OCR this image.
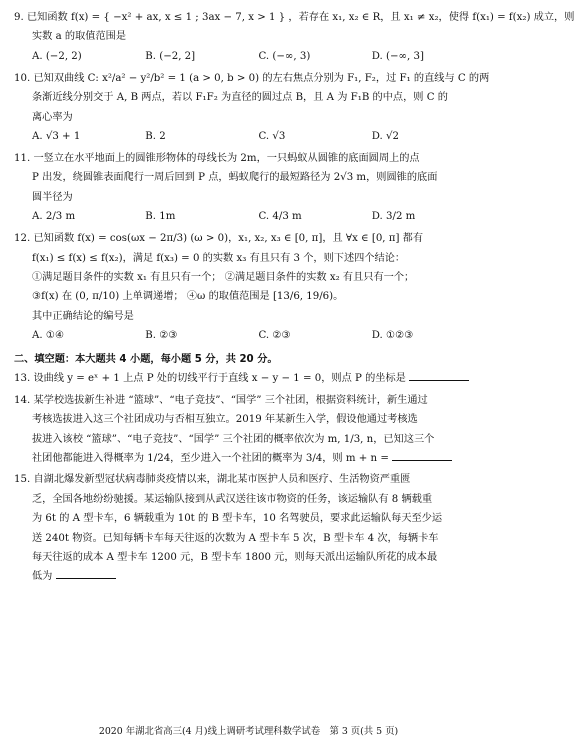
9. 已知函数 f(x) = { −x² + ax, x ≤ 1 ; 3ax − 7, x > 1 } ，若存在 x₁, x₂ ∈ R，且 x₁ ≠ x₂，使得 f(x₁) = f(x₂) 成立，则
实数 a 的取值范围是
A. (−2, 2)	B. (−2, 2]	C. (−∞, 3)	D. (−∞, 3]
10. 已知双曲线 C: x²/a² − y²/b² = 1 (a > 0, b > 0) 的左右焦点分别为 F₁, F₂，过 F₁ 的直线与 C 的两
条渐近线分别交于 A, B 两点，若以 F₁F₂ 为直径的圆过点 B，且 A 为 F₁B 的中点，则 C 的
离心率为
A. √3 + 1	B. 2	C. √3	D. √2
11. 一竖立在水平地面上的圆锥形物体的母线长为 2m，一只蚂蚁从圆锥的底面圆周上的点
P 出发，绕圆锥表面爬行一周后回到 P 点，蚂蚁爬行的最短路径为 2√3 m，则圆锥的底面
圆半径为
A. 2/3 m	B. 1m	C. 4/3 m	D. 3/2 m
12. 已知函数 f(x) = cos(ωx − 2π/3) (ω > 0)，x₁, x₂, x₃ ∈ [0, π]，且 ∀x ∈ [0, π] 都有
f(x₁) ≤ f(x) ≤ f(x₂)，满足 f(x₃) = 0 的实数 x₃ 有且只有 3 个，则下述四个结论：
①满足题目条件的实数 x₁ 有且只有一个； ②满足题目条件的实数 x₂ 有且只有一个；
③f(x) 在 (0, π/10) 上单调递增； ④ω 的取值范围是 [13/6, 19/6)。
其中正确结论的编号是
A. ①④	B. ②③	C. ②③	D. ①②③
二、填空题：本大题共 4 小题，每小题 5 分，共 20 分。
13. 设曲线 y = eˣ + 1 上点 P 处的切线平行于直线 x − y − 1 = 0，则点 P 的坐标是
14. 某学校选拔新生补进 “篮球”、“电子竞技”、“国学” 三个社团，根据资料统计，新生通过
考核选拔进入这三个社团成功与否相互独立。2019 年某新生入学，假设他通过考核选
拔进入该校 “篮球”、“电子竞技”、“国学” 三个社团的概率依次为 m, 1/3, n，已知这三个
社团他都能进入得概率为 1/24，至少进入一个社团的概率为 3/4，则 m + n =
15. 自湖北爆发新型冠状病毒肺炎疫情以来，湖北某市医护人员和医疗、生活物资严重匮
乏，全国各地纷纷驰援。某运输队接到从武汉送往该市物资的任务，该运输队有 8 辆载重
为 6t 的 A 型卡车，6 辆载重为 10t 的 B 型卡车，10 名驾驶员，要求此运输队每天至少运
送 240t 物资。已知每辆卡车每天往返的次数为 A 型卡车 5 次，B 型卡车 4 次，每辆卡车
每天往返的成本 A 型卡车 1200 元，B 型卡车 1800 元，则每天派出运输队所花的成本最
低为
2020 年湖北省高三(4 月)线上调研考试理科数学试卷　第 3 页(共 5 页)
